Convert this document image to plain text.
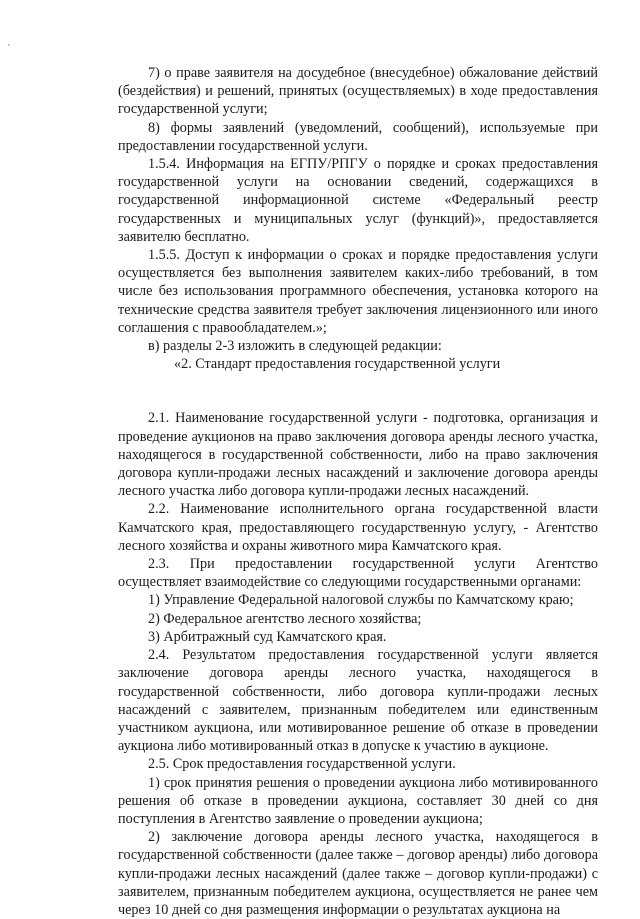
7) о праве заявителя на досудебное (внесудебное) обжалование действий (бездействия) и решений, принятых (осуществляемых) в ходе предоставления государственной услуги;

8) формы заявлений (уведомлений, сообщений), используемые при предоставлении государственной услуги.

1.5.4. Информация на ЕГПУ/РПГУ о порядке и сроках предоставления государственной услуги на основании сведений, содержащихся в государственной информационной системе «Федеральный реестр государственных и муниципальных услуг (функций)», предоставляется заявителю бесплатно.

1.5.5. Доступ к информации о сроках и порядке предоставления услуги осуществляется без выполнения заявителем каких-либо требований, в том числе без использования программного обеспечения, установка которого на технические средства заявителя требует заключения лицензионного или иного соглашения с правообладателем.»;

в) разделы 2-3 изложить в следующей редакции:

«2. Стандарт предоставления государственной услуги

2.1. Наименование государственной услуги - подготовка, организация и проведение аукционов на право заключения договора аренды лесного участка, находящегося в государственной собственности, либо на право заключения договора купли-продажи лесных насаждений и заключение договора аренды лесного участка либо договора купли-продажи лесных насаждений.

2.2. Наименование исполнительного органа государственной власти Камчатского края, предоставляющего государственную услугу, - Агентство лесного хозяйства и охраны животного мира Камчатского края.

2.3. При предоставлении государственной услуги Агентство осуществляет взаимодействие со следующими государственными органами:

1) Управление Федеральной налоговой службы по Камчатскому краю;

2) Федеральное агентство лесного хозяйства;

3) Арбитражный суд Камчатского края.

2.4. Результатом предоставления государственной услуги является заключение договора аренды лесного участка, находящегося в государственной собственности, либо договора купли-продажи лесных насаждений с заявителем, признанным победителем или единственным участником аукциона, или мотивированное решение об отказе в проведении аукциона либо мотивированный отказ в допуске к участию в аукционе.

2.5. Срок предоставления государственной услуги.

1) срок принятия решения о проведении аукциона либо мотивированного решения об отказе в проведении аукциона, составляет 30 дней со дня поступления в Агентство заявление о проведении аукциона;

2) заключение договора аренды лесного участка, находящегося в государственной собственности (далее также – договор аренды) либо договора купли-продажи лесных насаждений (далее также – договор купли-продажи) с заявителем, признанным победителем аукциона, осуществляется не ранее чем через 10 дней со дня размещения информации о результатах аукциона на
